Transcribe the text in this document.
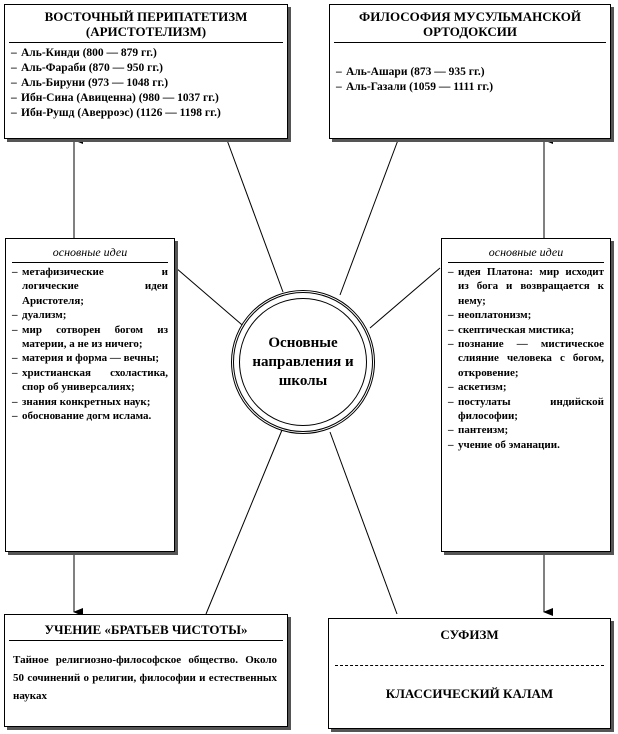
ВОСТОЧНЫЙ ПЕРИПАТЕТИЗМ (АРИСТОТЕЛИЗМ)
– Аль-Кинди (800 — 879 гг.)
– Аль-Фараби (870 — 950 гг.)
– Аль-Бируни (973 — 1048 гг.)
– Ибн-Сина (Авиценна) (980 — 1037 гг.)
– Ибн-Рушд (Аверроэс) (1126 — 1198 гг.)
ФИЛОСОФИЯ МУСУЛЬМАНСКОЙ ОРТОДОКСИИ
– Аль-Ашари (873 — 935 гг.)
– Аль-Газали (1059 — 1111 гг.)
основные идеи
– метафизические и логические идеи Аристотеля;
– дуализм;
– мир сотворен богом из материи, а не из ничего;
– материя и форма — вечны;
– христианская схоластика, спор об универсалиях;
– знания конкретных наук;
– обоснование догм ислама.
основные идеи
– идея Платона: мир исходит из бога и возвращается к нему;
– неоплатонизм;
– скептическая мистика;
– познание — мистическое слияние человека с богом, откровение;
– аскетизм;
– постулаты индийской философии;
– пантеизм;
– учение об эманации.
Основные направления и школы
УЧЕНИЕ «БРАТЬЕВ ЧИСТОТЫ»
Тайное религиозно-философское общество. Около 50 сочинений о религии, философии и естественных науках
СУФИЗМ
КЛАССИЧЕСКИЙ КАЛАМ
